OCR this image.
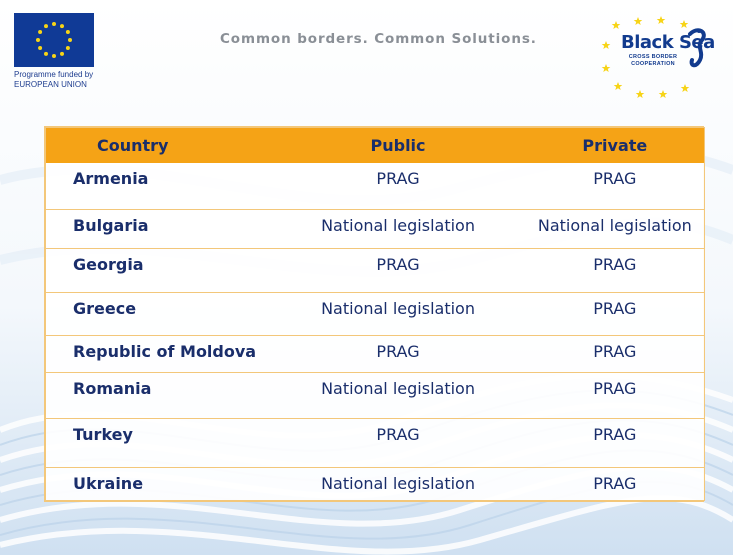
Programme funded by
EUROPEAN UNION
Common borders. Common Solutions.	Black Sea
CROSS BORDER COOPERATION
Country	Public	Private
Armenia	PRAG	PRAG
Bulgaria	National legislation	National legislation
Georgia	PRAG	PRAG
Greece	National legislation	PRAG
Republic of Moldova	PRAG	PRAG
Romania	National legislation	PRAG
Turkey	PRAG	PRAG
Ukraine	National legislation	PRAG
